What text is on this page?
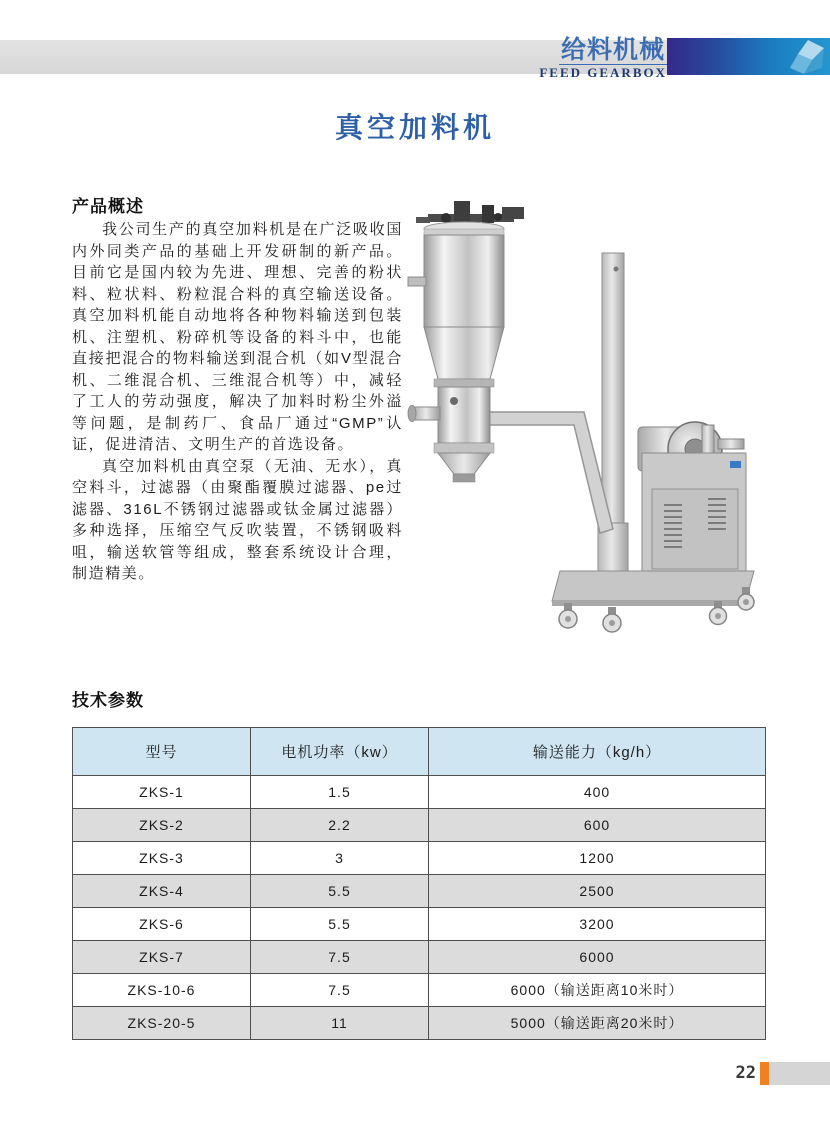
给料机械
FEED GEARBOX
真空加料机
产品概述

我公司生产的真空加料机是在广泛吸收国内外同类产品的基础上开发研制的新产品。目前它是国内较为先进、理想、完善的粉状料、粒状料、粉粒混合料的真空输送设备。真空加料机能自动地将各种物料输送到包装机、注塑机、粉碎机等设备的料斗中，也能直接把混合的物料输送到混合机（如V型混合机、二维混合机、三维混合机等）中，减轻了工人的劳动强度，解决了加料时粉尘外溢等问题，是制药厂、食品厂通过“GMP”认证，促进清洁、文明生产的首选设备。

真空加料机由真空泵（无油、无水），真空料斗，过滤器（由聚酯覆膜过滤器、pe过滤器、316L不锈钢过滤器或钛金属过滤器）多种选择，压缩空气反吹装置，不锈钢吸料咀，输送软管等组成，整套系统设计合理，制造精美。

技术参数
型号	电机功率（kw）	输送能力（kg/h）
ZKS-1	1.5	400
ZKS-2	2.2	600
ZKS-3	3	1200
ZKS-4	5.5	2500
ZKS-6	5.5	3200
ZKS-7	7.5	6000
ZKS-10-6	7.5	6000（输送距离10米时）
ZKS-20-5	11	5000（输送距离20米时）
22
